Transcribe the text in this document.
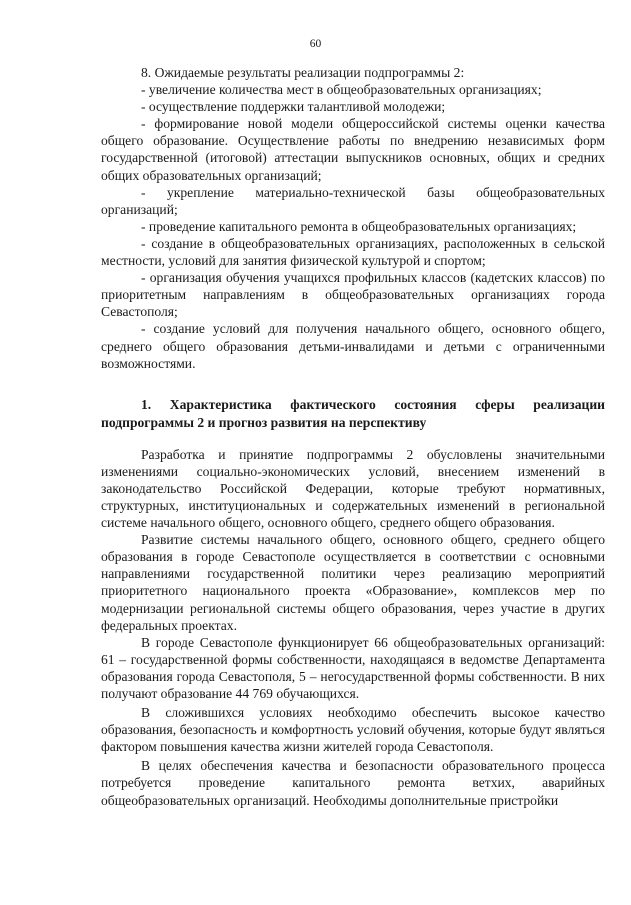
60

8. Ожидаемые результаты реализации подпрограммы 2:

- увеличение количества мест в общеобразовательных организациях;

- осуществление поддержки талантливой молодежи;

- формирование новой модели общероссийской системы оценки качества общего образование. Осуществление работы по внедрению независимых форм государственной (итоговой) аттестации выпускников основных, общих и средних общих образовательных организаций;

- укрепление материально-технической базы общеобразовательных организаций;

- проведение капитального ремонта в общеобразовательных организациях;

- создание в общеобразовательных организациях, расположенных в сельской местности, условий для занятия физической культурой и спортом;

- организация обучения учащихся профильных классов (кадетских классов) по приоритетным направлениям в общеобразовательных организациях города Севастополя;

- создание условий для получения начального общего, основного общего, среднего общего образования детьми-инвалидами и детьми с ограниченными возможностями.

1. Характеристика фактического состояния сферы реализации подпрограммы 2 и прогноз развития на перспективу

Разработка и принятие подпрограммы 2 обусловлены значительными изменениями социально-экономических условий, внесением изменений в законодательство Российской Федерации, которые требуют нормативных, структурных, институциональных и содержательных изменений в региональной системе начального общего, основного общего, среднего общего образования.

Развитие системы начального общего, основного общего, среднего общего образования в городе Севастополе осуществляется в соответствии с основными направлениями государственной политики через реализацию мероприятий приоритетного национального проекта «Образование», комплексов мер по модернизации региональной системы общего образования, через участие в других федеральных проектах.

В городе Севастополе функционирует 66 общеобразовательных организаций: 61 – государственной формы собственности, находящаяся в ведомстве Департамента образования города Севастополя, 5 – негосударственной формы собственности. В них получают образование 44 769 обучающихся.

В сложившихся условиях необходимо обеспечить высокое качество образования, безопасность и комфортность условий обучения, которые будут являться фактором повышения качества жизни жителей города Севастополя.

В целях обеспечения качества и безопасности образовательного процесса потребуется проведение капитального ремонта ветхих, аварийных общеобразовательных организаций. Необходимы дополнительные пристройки
